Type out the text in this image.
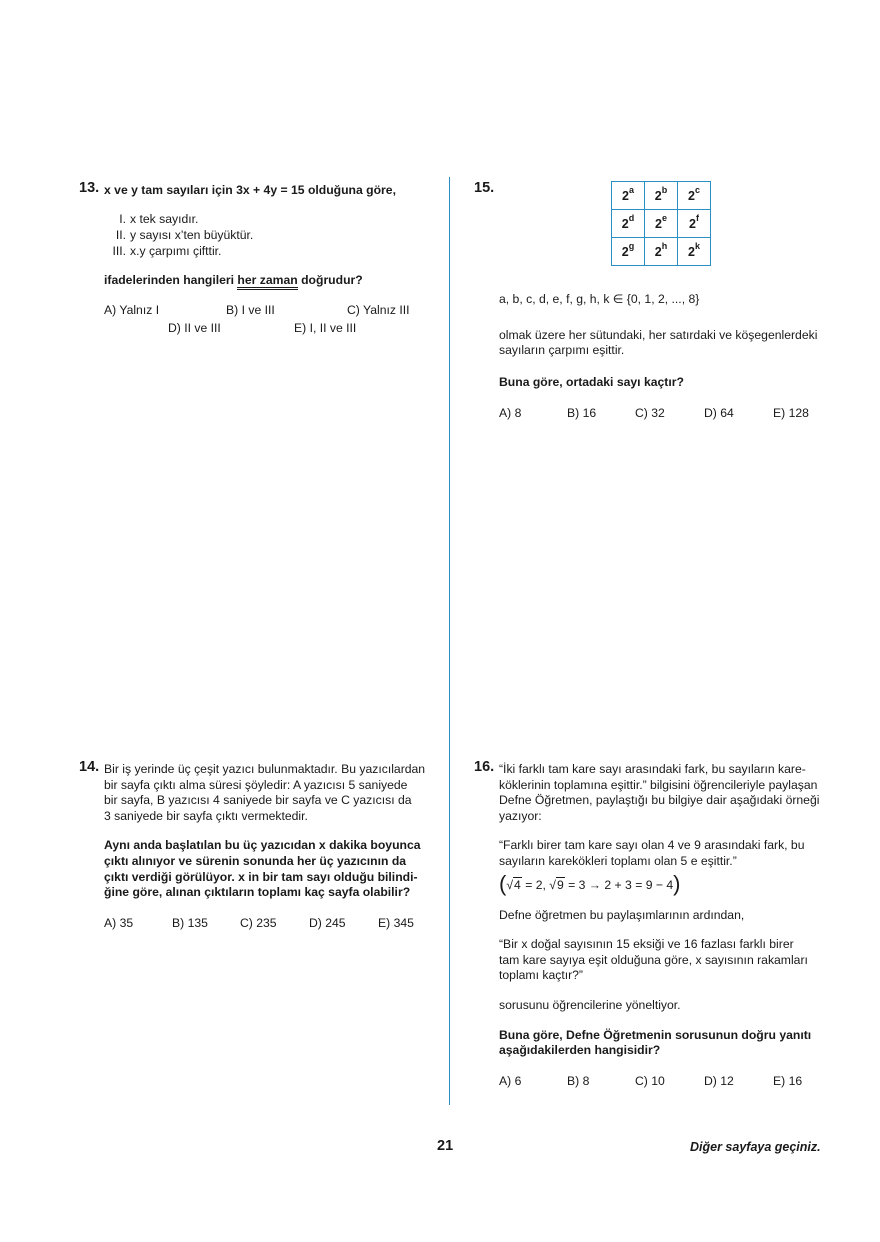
13. x ve y tam sayıları için 3x + 4y = 15 olduğuna göre,
I. x tek sayıdır.
II. y sayısı x’ten büyüktür.
III. x.y çarpımı çifttir.
ifadelerinden hangileri her zaman doğrudur?
A) Yalnız I	B) I ve III	C) Yalnız III
D) II ve III	E) I, II ve III
14. Bir iş yerinde üç çeşit yazıcı bulunmaktadır. Bu yazıcılardan
bir sayfa çıktı alma süresi şöyledir: A yazıcısı 5 saniyede
bir sayfa, B yazıcısı 4 saniyede bir sayfa ve C yazıcısı da
3 saniyede bir sayfa çıktı vermektedir.
Aynı anda başlatılan bu üç yazıcıdan x dakika boyunca
çıktı alınıyor ve sürenin sonunda her üç yazıcının da
çıktı verdiği görülüyor. x in bir tam sayı olduğu bilindi-
ğine göre, alınan çıktıların toplamı kaç sayfa olabilir?
A) 35	B) 135	C) 235	D) 245	E) 345
15.	2$^a$	2$^b$	2$^c$
2$^d$	2e	2$^f$
2$^g$	2$^h$	2$^k$
a, b, c, d, e, f, g, h, k ∈ {0, 1, 2, ..., 8}
olmak üzere her sütundaki, her satırdaki ve köşegenlerdeki
sayıların çarpımı eşittir.
Buna göre, ortadaki sayı kaçtır?
A) 8	B) 16	C) 32	D) 64	E) 128
16. “İki farklı tam kare sayı arasındaki fark, bu sayıların kare-
köklerinin toplamına eşittir.” bilgisini öğrencileriyle paylaşan
Defne Öğretmen, paylaştığı bu bilgiye dair aşağıdaki örneği
yazıyor:
“Farklı birer tam kare sayı olan 4 ve 9 arasındaki fark, bu
sayıların karekökleri toplamı olan 5 e eşittir.”
(√4 = 2, √9 = 3 → 2 + 3 = 9 − 4)
Defne öğretmen bu paylaşımlarının ardından,
“Bir x doğal sayısının 15 eksiği ve 16 fazlası farklı birer
tam kare sayıya eşit olduğuna göre, x sayısının rakamları
toplamı kaçtır?”
sorusunu öğrencilerine yöneltiyor.
Buna göre, Defne Öğretmenin sorusunun doğru yanıtı
aşağıdakilerden hangisidir?
A) 6	B) 8	C) 10	D) 12	E) 16
21	Diğer sayfaya geçiniz.
